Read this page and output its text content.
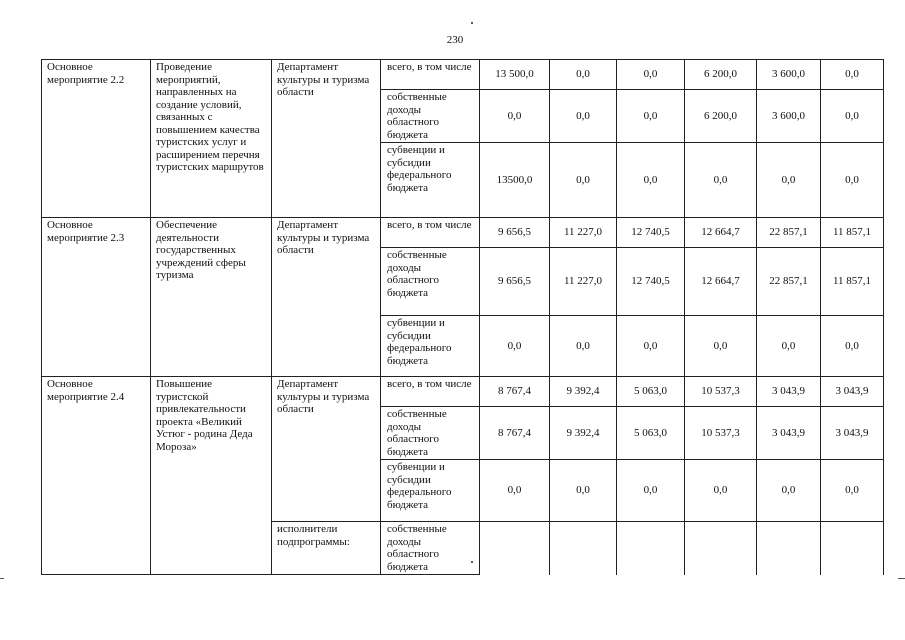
230
Основное мероприятие 2.2	Проведение мероприятий, направленных на создание условий, связанных с повышением качества туристских услуг и расширением перечня туристских маршрутов	Департамент культуры и туризма области	всего, в том числе	13 500,0	0,0	0,0	6 200,0	3 600,0	0,0
			собственные доходы областного бюджета	0,0	0,0	0,0	6 200,0	3 600,0	0,0
			субвенции и субсидии федерального бюджета	13500,0	0,0	0,0	0,0	0,0	0,0
Основное мероприятие 2.3	Обеспечение деятельности государственных учреждений сферы туризма	Департамент культуры и туризма области	всего, в том числе	9 656,5	11 227,0	12 740,5	12 664,7	22 857,1	11 857,1
			собственные доходы областного бюджета	9 656,5	11 227,0	12 740,5	12 664,7	22 857,1	11 857,1
			субвенции и субсидии федерального бюджета	0,0	0,0	0,0	0,0	0,0	0,0
Основное мероприятие 2.4	Повышение туристской привлекательности проекта «Великий Устюг - родина Деда Мороза»	Департамент культуры и туризма области	всего, в том числе	8 767,4	9 392,4	5 063,0	10 537,3	3 043,9	3 043,9
			собственные доходы областного бюджета	8 767,4	9 392,4	5 063,0	10 537,3	3 043,9	3 043,9
			субвенции и субсидии федерального бюджета	0,0	0,0	0,0	0,0	0,0	0,0
		исполнители подпрограммы:	собственные доходы областного бюджета						
